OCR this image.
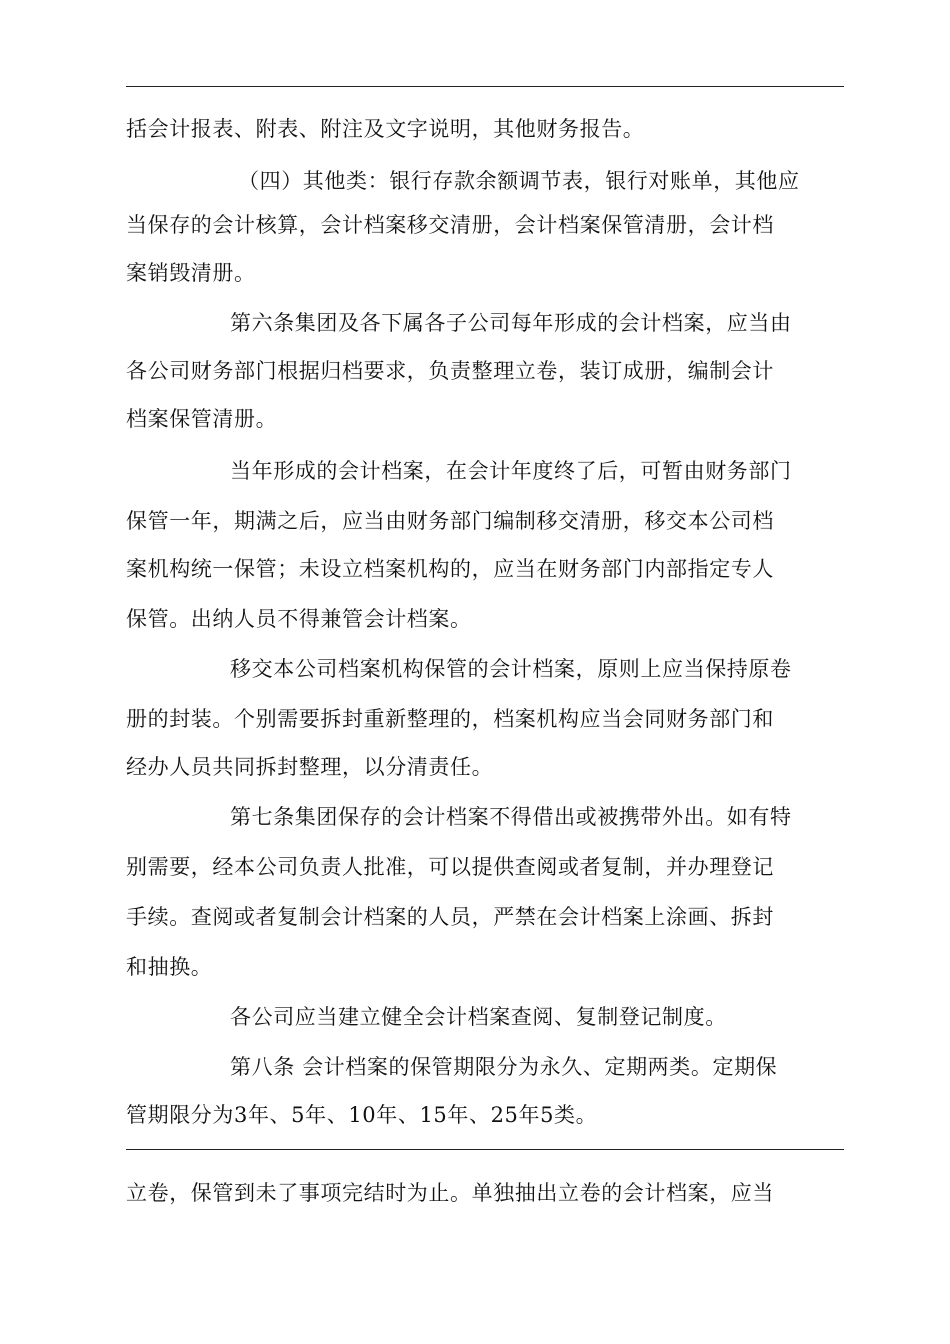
括会计报表、附表、附注及文字说明，其他财务报告。
（四）其他类：银行存款余额调节表，银行对账单，其他应
当保存的会计核算，会计档案移交清册，会计档案保管清册，会计档
案销毁清册。
第六条集团及各下属各子公司每年形成的会计档案，应当由
各公司财务部门根据归档要求，负责整理立卷，装订成册，编制会计
档案保管清册。
当年形成的会计档案，在会计年度终了后，可暂由财务部门
保管一年，期满之后，应当由财务部门编制移交清册，移交本公司档
案机构统一保管；未设立档案机构的，应当在财务部门内部指定专人
保管。出纳人员不得兼管会计档案。
移交本公司档案机构保管的会计档案，原则上应当保持原卷
册的封装。个别需要拆封重新整理的，档案机构应当会同财务部门和
经办人员共同拆封整理，以分清责任。
第七条集团保存的会计档案不得借出或被携带外出。如有特
别需要，经本公司负责人批准，可以提供查阅或者复制，并办理登记
手续。查阅或者复制会计档案的人员，严禁在会计档案上涂画、拆封
和抽换。
各公司应当建立健全会计档案查阅、复制登记制度。
第八条 会计档案的保管期限分为永久、定期两类。定期保
管期限分为3年、5年、10年、15年、25年5类。
立卷，保管到未了事项完结时为止。单独抽出立卷的会计档案，应当
